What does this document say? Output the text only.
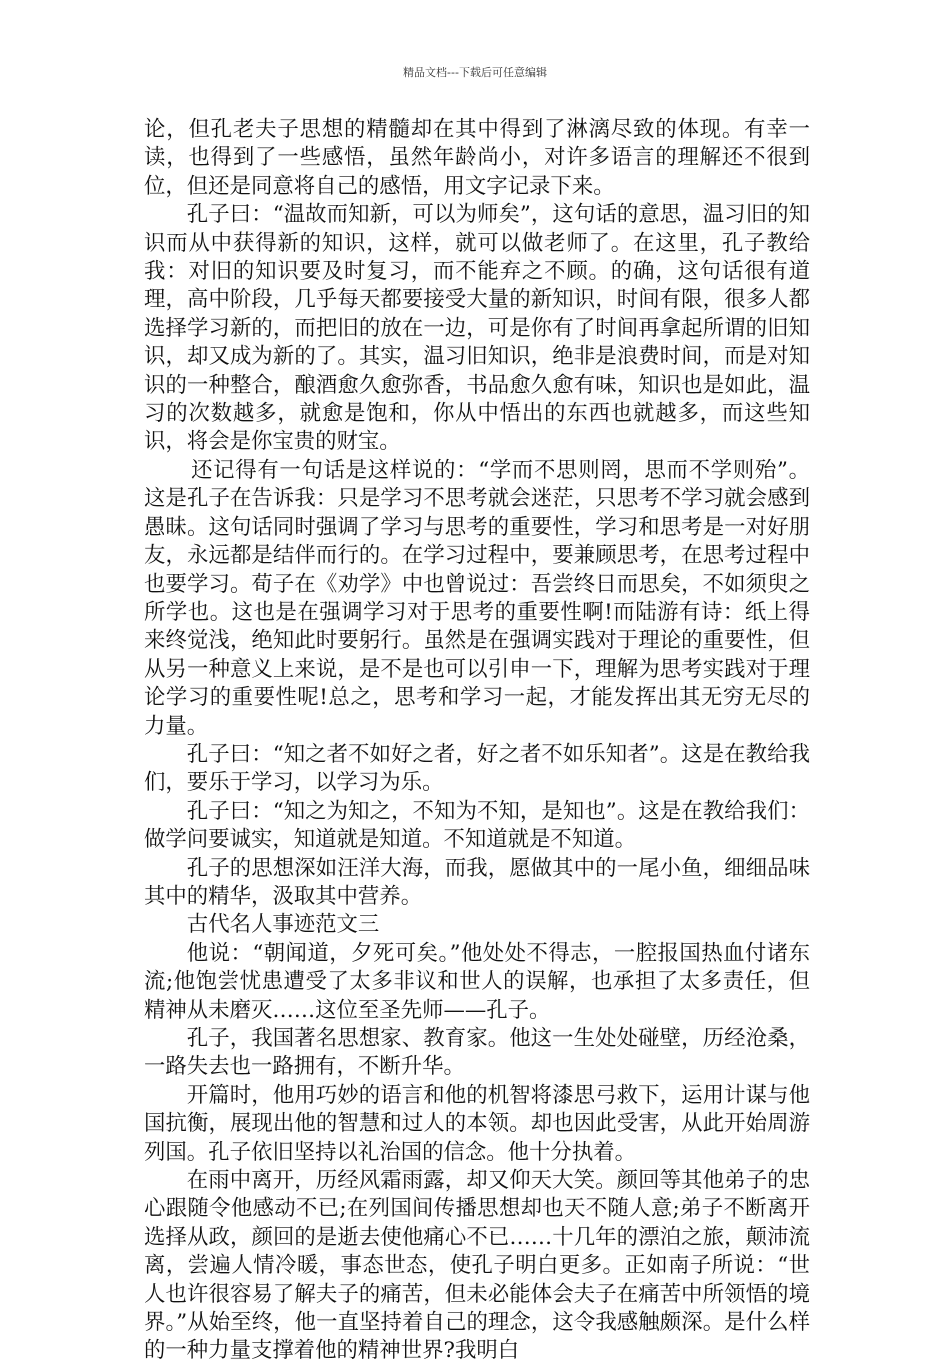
精品文档---下载后可任意编辑

论，但孔老夫子思想的精髓却在其中得到了淋漓尽致的体现。有幸一读，也得到了一些感悟，虽然年龄尚小，对许多语言的理解还不很到位，但还是同意将自己的感悟，用文字记录下来。

孔子曰：“温故而知新，可以为师矣”，这句话的意思，温习旧的知识而从中获得新的知识，这样，就可以做老师了。在这里，孔子教给我：对旧的知识要及时复习，而不能弃之不顾。的确，这句话很有道理，高中阶段，几乎每天都要接受大量的新知识，时间有限，很多人都选择学习新的，而把旧的放在一边，可是你有了时间再拿起所谓的旧知识，却又成为新的了。其实，温习旧知识，绝非是浪费时间，而是对知识的一种整合，酿酒愈久愈弥香，书品愈久愈有味，知识也是如此，温习的次数越多，就愈是饱和，你从中悟出的东西也就越多，而这些知识，将会是你宝贵的财宝。

还记得有一句话是这样说的：“学而不思则罔，思而不学则殆”。这是孔子在告诉我：只是学习不思考就会迷茫，只思考不学习就会感到愚昧。这句话同时强调了学习与思考的重要性，学习和思考是一对好朋友，永远都是结伴而行的。在学习过程中，要兼顾思考，在思考过程中也要学习。荀子在《劝学》中也曾说过：吾尝终日而思矣，不如须臾之所学也。这也是在强调学习对于思考的重要性啊!而陆游有诗：纸上得来终觉浅，绝知此时要躬行。虽然是在强调实践对于理论的重要性，但从另一种意义上来说，是不是也可以引申一下，理解为思考实践对于理论学习的重要性呢!总之，思考和学习一起，才能发挥出其无穷无尽的力量。

孔子曰：“知之者不如好之者，好之者不如乐知者”。这是在教给我们，要乐于学习，以学习为乐。

孔子曰：“知之为知之，不知为不知，是知也”。这是在教给我们：做学问要诚实，知道就是知道。不知道就是不知道。

孔子的思想深如汪洋大海，而我，愿做其中的一尾小鱼，细细品味其中的精华，汲取其中营养。

古代名人事迹范文三

他说：“朝闻道，夕死可矣。”他处处不得志，一腔报国热血付诸东流;他饱尝忧患遭受了太多非议和世人的误解，也承担了太多责任，但精神从未磨灭……这位至圣先师——孔子。

孔子，我国著名思想家、教育家。他这一生处处碰壁，历经沧桑，一路失去也一路拥有，不断升华。

开篇时，他用巧妙的语言和他的机智将漆思弓救下，运用计谋与他国抗衡，展现出他的智慧和过人的本领。却也因此受害，从此开始周游列国。孔子依旧坚持以礼治国的信念。他十分执着。

在雨中离开，历经风霜雨露，却又仰天大笑。颜回等其他弟子的忠心跟随令他感动不已;在列国间传播思想却也天不随人意;弟子不断离开选择从政，颜回的是逝去使他痛心不已……十几年的漂泊之旅，颠沛流离，尝遍人情冷暖，事态世态，使孔子明白更多。正如南子所说：“世人也许很容易了解夫子的痛苦，但未必能体会夫子在痛苦中所领悟的境界。”从始至终，他一直坚持着自己的理念，这令我感触颇深。是什么样的一种力量支撑着他的精神世界?我明白
